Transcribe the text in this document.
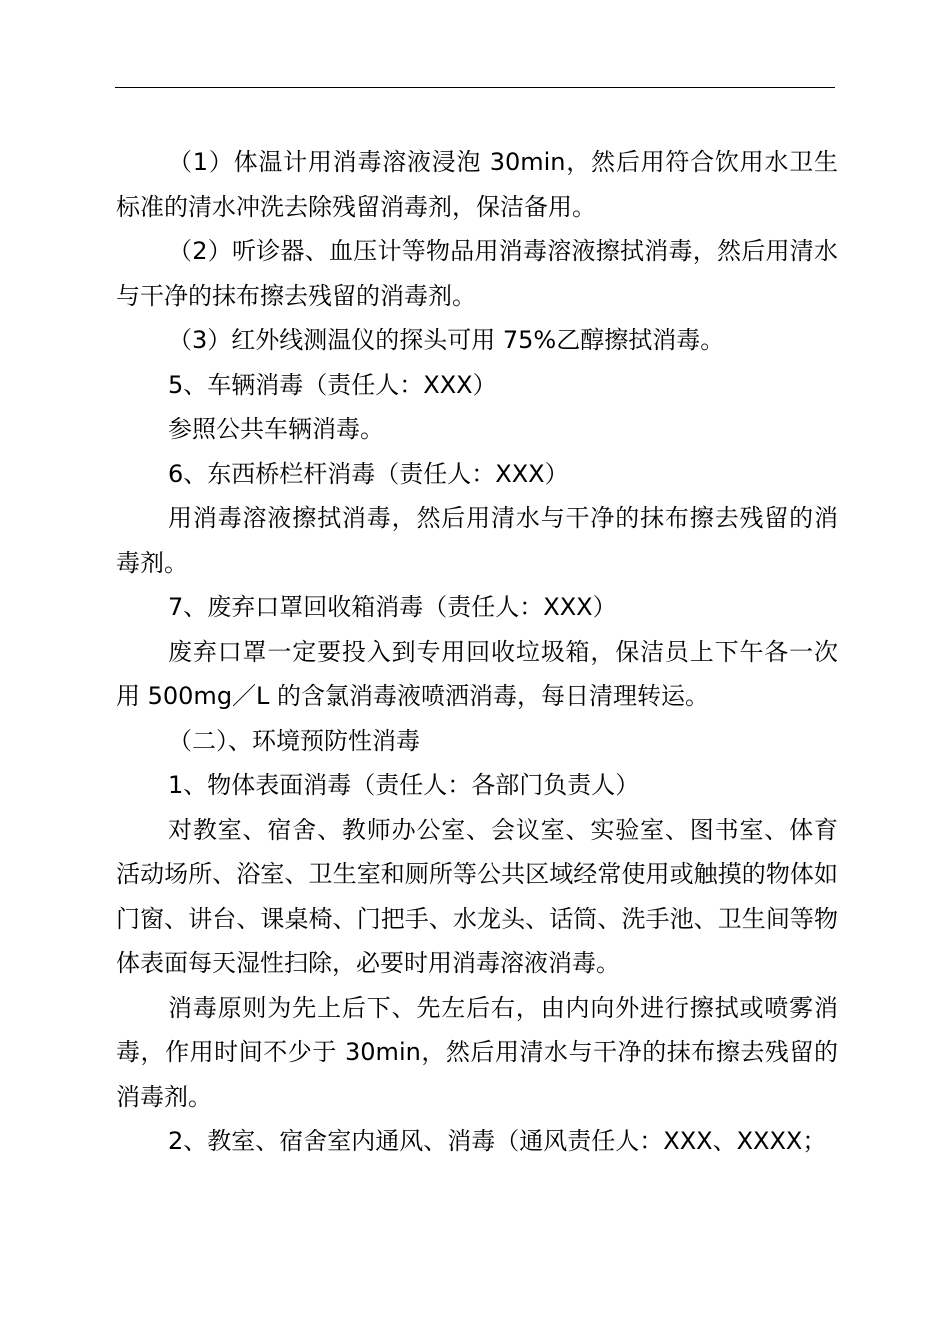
（1）体温计用消毒溶液浸泡 30min，然后用符合饮用水卫生标准的清水冲洗去除残留消毒剂，保洁备用。

（2）听诊器、血压计等物品用消毒溶液擦拭消毒，然后用清水与干净的抹布擦去残留的消毒剂。

（3）红外线测温仪的探头可用 75%乙醇擦拭消毒。

5、车辆消毒（责任人：XXX）

参照公共车辆消毒。

6、东西桥栏杆消毒（责任人：XXX）

用消毒溶液擦拭消毒，然后用清水与干净的抹布擦去残留的消毒剂。

7、废弃口罩回收箱消毒（责任人：XXX）

废弃口罩一定要投入到专用回收垃圾箱，保洁员上下午各一次用 500mg／L 的含氯消毒液喷洒消毒，每日清理转运。

（二）、环境预防性消毒

1、物体表面消毒（责任人：各部门负责人）

对教室、宿舍、教师办公室、会议室、实验室、图书室、体育活动场所、浴室、卫生室和厕所等公共区域经常使用或触摸的物体如门窗、讲台、课桌椅、门把手、水龙头、话筒、洗手池、卫生间等物体表面每天湿性扫除，必要时用消毒溶液消毒。

消毒原则为先上后下、先左后右，由内向外进行擦拭或喷雾消毒，作用时间不少于 30min，然后用清水与干净的抹布擦去残留的消毒剂。

2、教室、宿舍室内通风、消毒（通风责任人：XXX、XXXX；
